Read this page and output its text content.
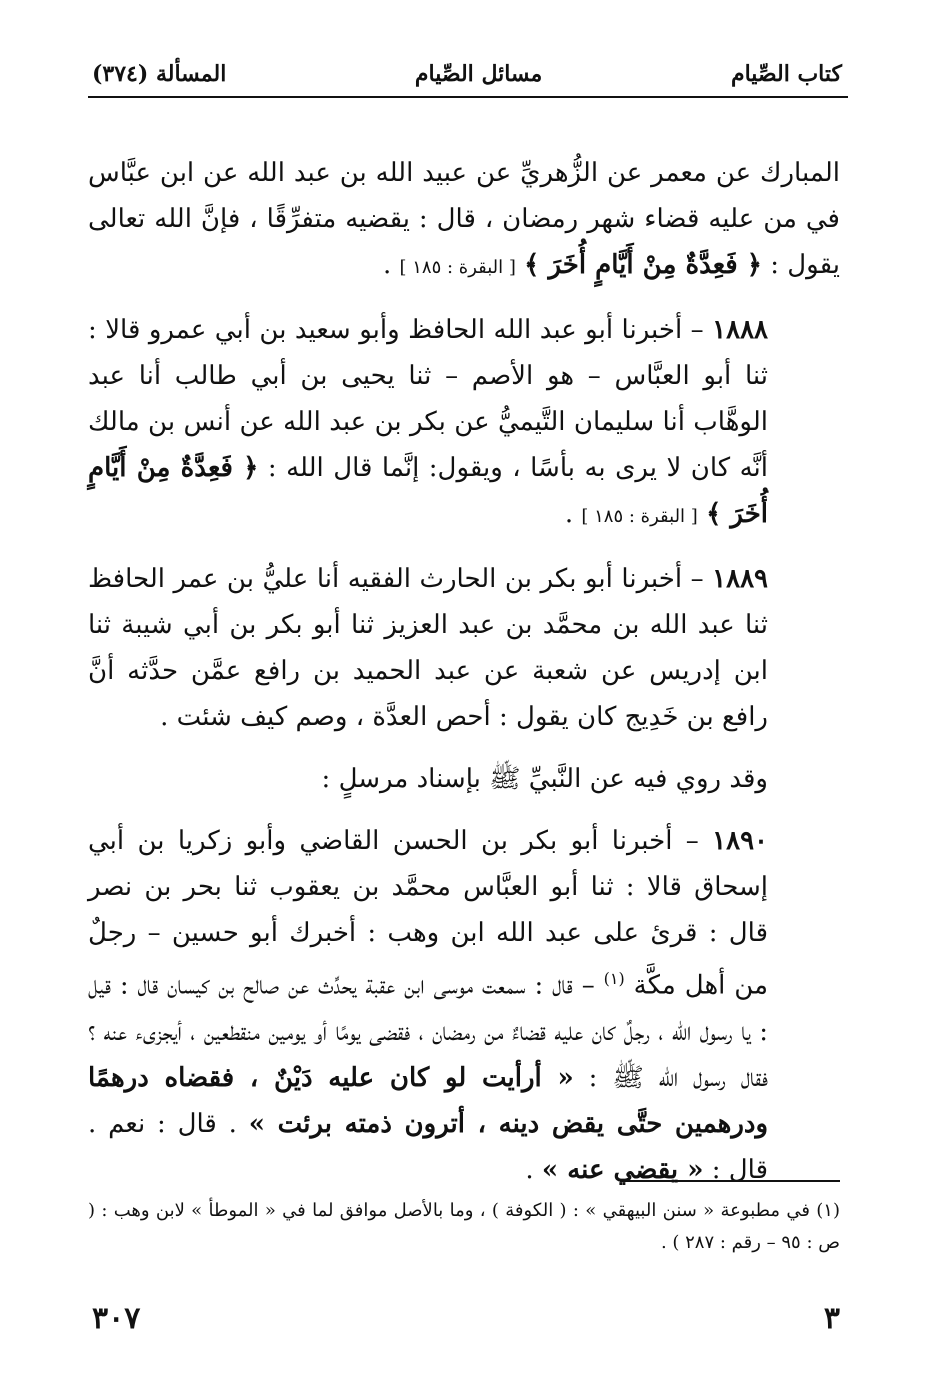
كتاب الصِّيام
مسائل الصِّيام
المسألة (٣٧٤)

المبارك عن معمر عن الزُّهريِّ عن عبيد الله بن عبد الله عن ابن عبَّاس في من عليه قضاء شهر رمضان ، قال : يقضيه متفرِّقًا ، فإنَّ الله تعالى يقول : ﴿ فَعِدَّةٌ مِنْ أَيَّامٍ أُخَرَ ﴾ [ البقرة : ١٨٥ ] .

١٨٨٨ – أخبرنا أبو عبد الله الحافظ وأبو سعيد بن أبي عمرو قالا : ثنا أبو العبَّاس – هو الأصم – ثنا يحيى بن أبي طالب أنا عبد الوهَّاب أنا سليمان التَّيميُّ عن بكر بن عبد الله عن أنس بن مالك أنَّه كان لا يرى به بأسًا ، ويقول: إنَّما قال الله : ﴿ فَعِدَّةٌ مِنْ أَيَّامٍ أُخَرَ ﴾ [ البقرة : ١٨٥ ] .

١٨٨٩ – أخبرنا أبو بكر بن الحارث الفقيه أنا عليُّ بن عمر الحافظ ثنا عبد الله بن محمَّد بن عبد العزيز ثنا أبو بكر بن أبي شيبة ثنا ابن إدريس عن شعبة عن عبد الحميد بن رافع عمَّن حدَّثه أنَّ رافع بن خَدِيج كان يقول : أحص العدَّة ، وصم كيف شئت .

وقد روي فيه عن النَّبيِّ ﷺ بإسناد مرسلٍ :

١٨٩٠ – أخبرنا أبو بكر بن الحسن القاضي وأبو زكريا بن أبي إسحاق قالا : ثنا أبو العبَّاس محمَّد بن يعقوب ثنا بحر بن نصر قال : قرئ على عبد الله ابن وهب : أخبرك أبو حسين – رجلٌ من أهل مكَّة $^{(١)}$ – قال : سمعت موسى ابن عقبة يحدِّث عن صالح بن كيسان قال : قيل : يا رسول الله ، رجلٌ كان عليه قضاءٌ من رمضان ، فقضى يومًا أو يومين منقطعين ، أيجزىء عنه ؟ فقال رسول الله ﷺ : « أرأيت لو كان عليه دَيْنٌ ، فقضاه درهمًا ودرهمين حتَّى يقض دينه ، أترون ذمته برئت » . قال : نعم . قال : « يقضي عنه » .

(١) في مطبوعة « سنن البيهقي » : ( الكوفة ) ، وما بالأصل موافق لما في « الموطأ » لابن وهب : ( ص : ٩٥ – رقم : ٢٨٧ ) .
٣
٣٠٧
